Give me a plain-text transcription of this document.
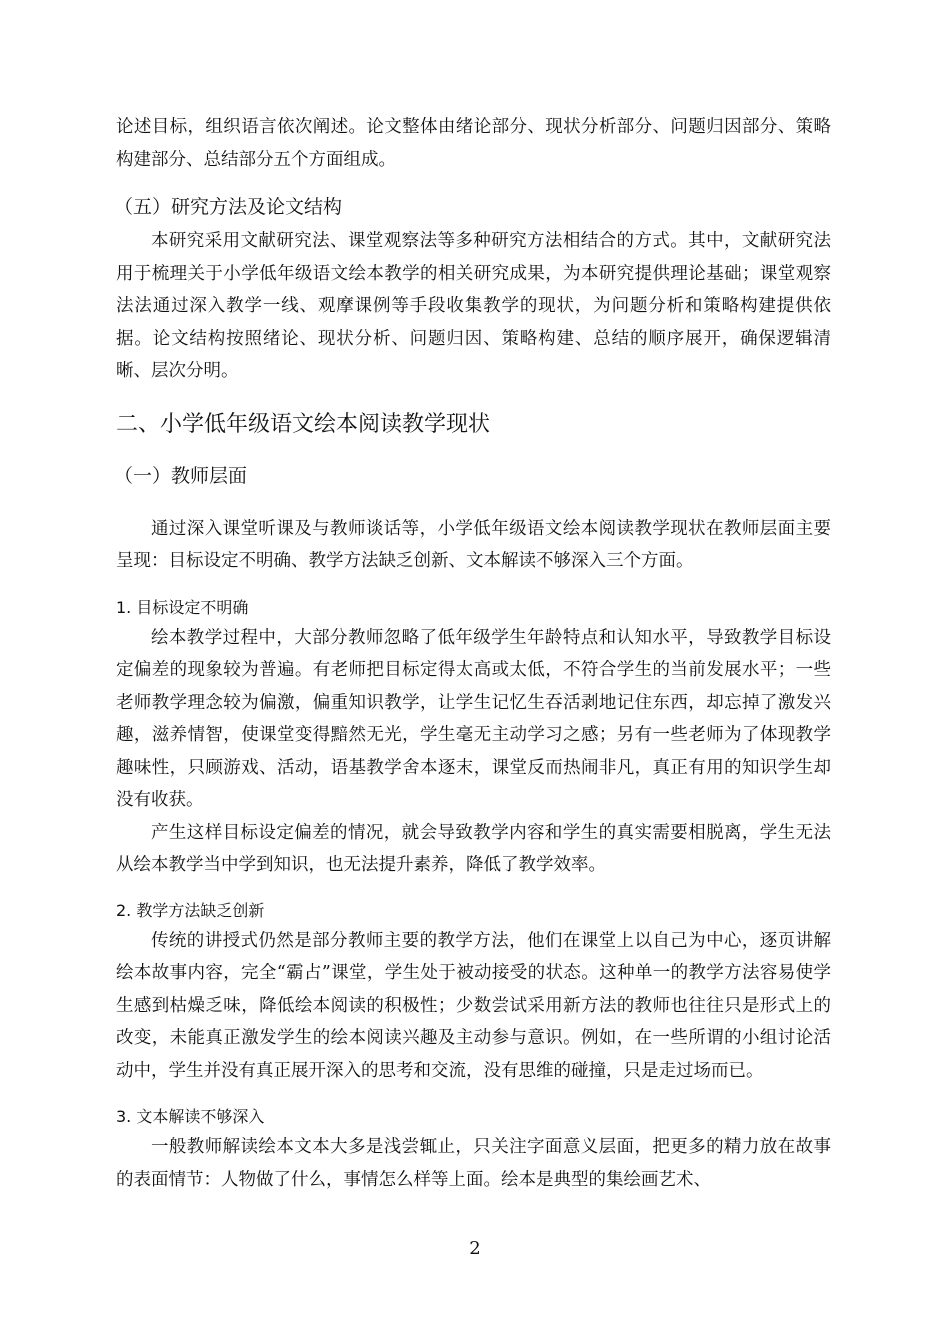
论述目标，组织语言依次阐述。论文整体由绪论部分、现状分析部分、问题归因部分、策略构建部分、总结部分五个方面组成。

（五）研究方法及论文结构

本研究采用文献研究法、课堂观察法等多种研究方法相结合的方式。其中，文献研究法用于梳理关于小学低年级语文绘本教学的相关研究成果，为本研究提供理论基础；课堂观察法法通过深入教学一线、观摩课例等手段收集教学的现状，为问题分析和策略构建提供依据。论文结构按照绪论、现状分析、问题归因、策略构建、总结的顺序展开，确保逻辑清晰、层次分明。

二、小学低年级语文绘本阅读教学现状
（一）教师层面

通过深入课堂听课及与教师谈话等，小学低年级语文绘本阅读教学现状在教师层面主要呈现：目标设定不明确、教学方法缺乏创新、文本解读不够深入三个方面。

1. 目标设定不明确

绘本教学过程中，大部分教师忽略了低年级学生年龄特点和认知水平，导致教学目标设定偏差的现象较为普遍。有老师把目标定得太高或太低，不符合学生的当前发展水平；一些老师教学理念较为偏激，偏重知识教学，让学生记忆生吞活剥地记住东西，却忘掉了激发兴趣，滋养情智，使课堂变得黯然无光，学生毫无主动学习之感；另有一些老师为了体现教学趣味性，只顾游戏、活动，语基教学舍本逐末，课堂反而热闹非凡，真正有用的知识学生却没有收获。

产生这样目标设定偏差的情况，就会导致教学内容和学生的真实需要相脱离，学生无法从绘本教学当中学到知识，也无法提升素养，降低了教学效率。

2. 教学方法缺乏创新

传统的讲授式仍然是部分教师主要的教学方法，他们在课堂上以自己为中心，逐页讲解绘本故事内容，完全“霸占”课堂，学生处于被动接受的状态。这种单一的教学方法容易使学生感到枯燥乏味，降低绘本阅读的积极性；少数尝试采用新方法的教师也往往只是形式上的改变，未能真正激发学生的绘本阅读兴趣及主动参与意识。例如，在一些所谓的小组讨论活动中，学生并没有真正展开深入的思考和交流，没有思维的碰撞，只是走过场而已。

3. 文本解读不够深入

一般教师解读绘本文本大多是浅尝辄止，只关注字面意义层面，把更多的精力放在故事的表面情节：人物做了什么，事情怎么样等上面。绘本是典型的集绘画艺术、

2
